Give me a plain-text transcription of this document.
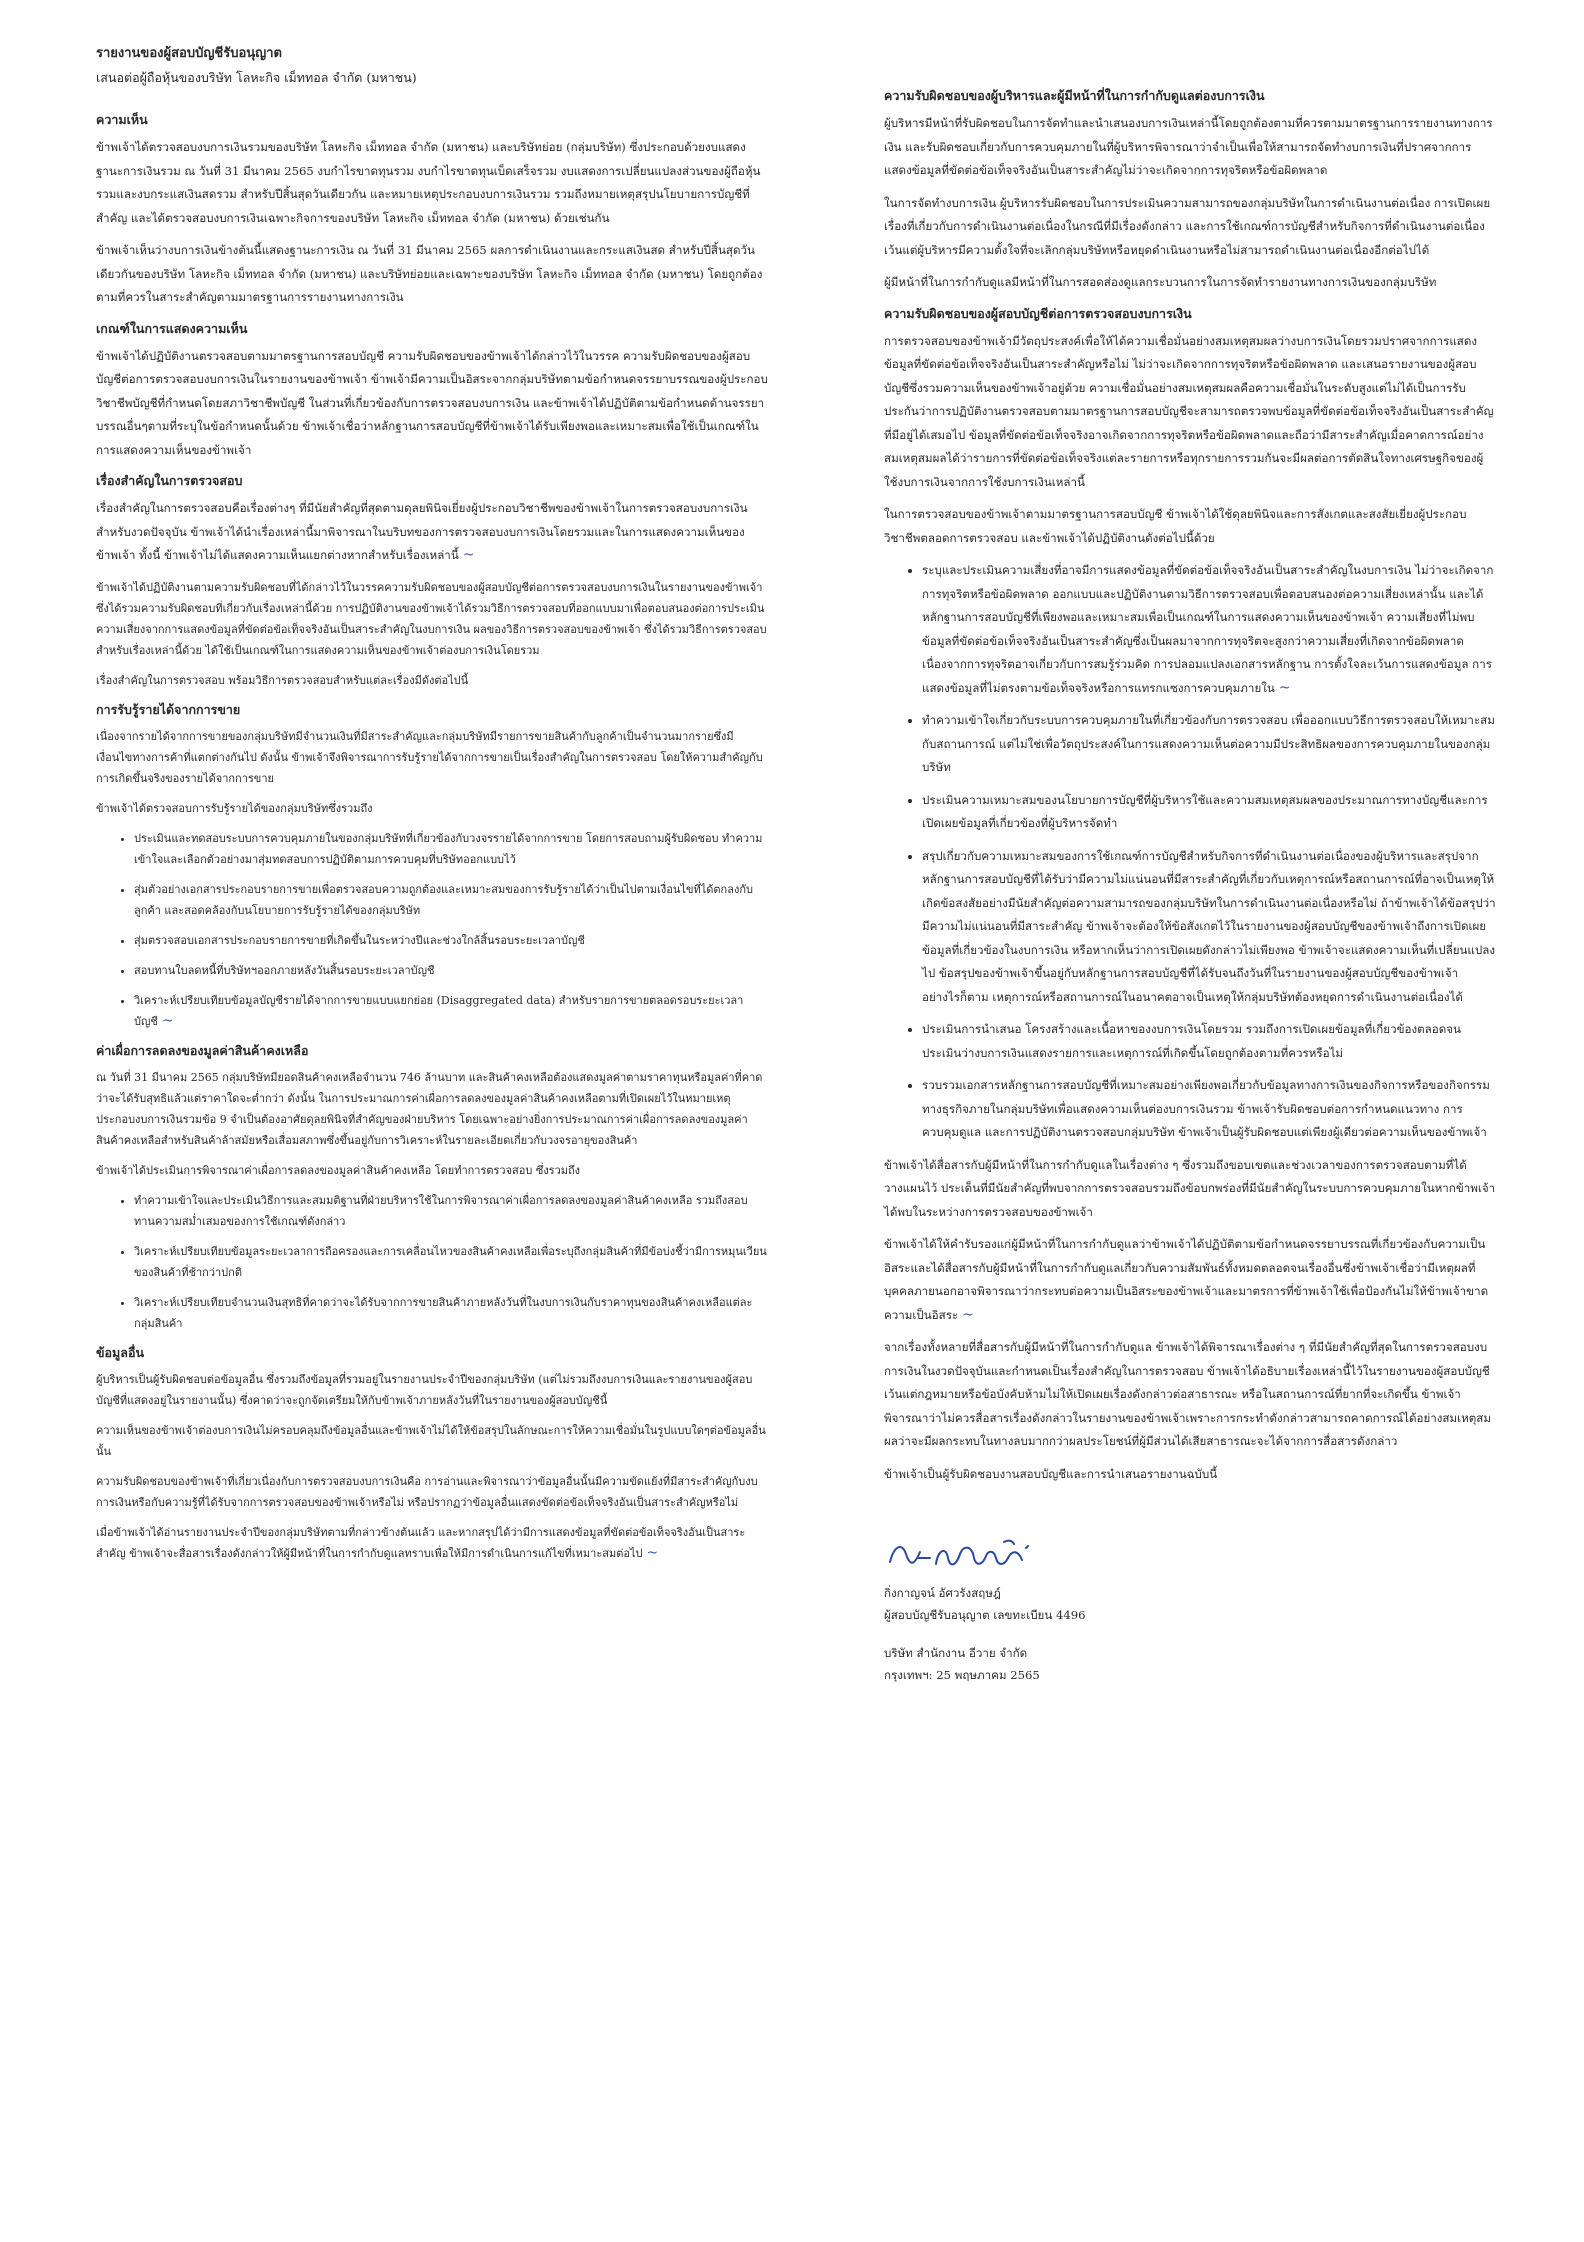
รายงานของผู้สอบบัญชีรับอนุญาต
เสนอต่อผู้ถือหุ้นของบริษัท โลหะกิจ เม็ททอล จำกัด (มหาชน)
ความเห็น

ข้าพเจ้าได้ตรวจสอบงบการเงินรวมของบริษัท โลหะกิจ เม็ททอล จำกัด (มหาชน) และบริษัทย่อย (กลุ่มบริษัท) ซึ่งประกอบด้วยงบแสดงฐานะการเงินรวม ณ วันที่ 31 มีนาคม 2565 งบกำไรขาดทุนรวม งบกำไรขาดทุนเบ็ดเสร็จรวม งบแสดงการเปลี่ยนแปลงส่วนของผู้ถือหุ้นรวมและงบกระแสเงินสดรวม สำหรับปีสิ้นสุดวันเดียวกัน และหมายเหตุประกอบงบการเงินรวม รวมถึงหมายเหตุสรุปนโยบายการบัญชีที่สำคัญ และได้ตรวจสอบงบการเงินเฉพาะกิจการของบริษัท โลหะกิจ เม็ททอล จำกัด (มหาชน) ด้วยเช่นกัน

ข้าพเจ้าเห็นว่างบการเงินข้างต้นนี้แสดงฐานะการเงิน ณ วันที่ 31 มีนาคม 2565 ผลการดำเนินงานและกระแสเงินสด สำหรับปีสิ้นสุดวันเดียวกันของบริษัท โลหะกิจ เม็ททอล จำกัด (มหาชน) และบริษัทย่อยและเฉพาะของบริษัท โลหะกิจ เม็ททอล จำกัด (มหาชน) โดยถูกต้องตามที่ควรในสาระสำคัญตามมาตรฐานการรายงานทางการเงิน

เกณฑ์ในการแสดงความเห็น

ข้าพเจ้าได้ปฏิบัติงานตรวจสอบตามมาตรฐานการสอบบัญชี ความรับผิดชอบของข้าพเจ้าได้กล่าวไว้ในวรรค ความรับผิดชอบของผู้สอบบัญชีต่อการตรวจสอบงบการเงินในรายงานของข้าพเจ้า ข้าพเจ้ามีความเป็นอิสระจากกลุ่มบริษัทตามข้อกำหนดจรรยาบรรณของผู้ประกอบวิชาชีพบัญชีที่กำหนดโดยสภาวิชาชีพบัญชี ในส่วนที่เกี่ยวข้องกับการตรวจสอบงบการเงิน และข้าพเจ้าได้ปฏิบัติตามข้อกำหนดด้านจรรยาบรรณอื่นๆตามที่ระบุในข้อกำหนดนั้นด้วย ข้าพเจ้าเชื่อว่าหลักฐานการสอบบัญชีที่ข้าพเจ้าได้รับเพียงพอและเหมาะสมเพื่อใช้เป็นเกณฑ์ในการแสดงความเห็นของข้าพเจ้า

เรื่องสำคัญในการตรวจสอบ

เรื่องสำคัญในการตรวจสอบคือเรื่องต่างๆ ที่มีนัยสำคัญที่สุดตามดุลยพินิจเยี่ยงผู้ประกอบวิชาชีพของข้าพเจ้าในการตรวจสอบงบการเงินสำหรับงวดปัจจุบัน ข้าพเจ้าได้นำเรื่องเหล่านี้มาพิจารณาในบริบทของการตรวจสอบงบการเงินโดยรวมและในการแสดงความเห็นของข้าพเจ้า ทั้งนี้ ข้าพเจ้าไม่ได้แสดงความเห็นแยกต่างหากสำหรับเรื่องเหล่านี้ ~

ข้าพเจ้าได้ปฏิบัติงานตามความรับผิดชอบที่ได้กล่าวไว้ในวรรคความรับผิดชอบของผู้สอบบัญชีต่อการตรวจสอบงบการเงินในรายงานของข้าพเจ้า ซึ่งได้รวมความรับผิดชอบที่เกี่ยวกับเรื่องเหล่านี้ด้วย การปฏิบัติงานของข้าพเจ้าได้รวมวิธีการตรวจสอบที่ออกแบบมาเพื่อตอบสนองต่อการประเมินความเสี่ยงจากการแสดงข้อมูลที่ขัดต่อข้อเท็จจริงอันเป็นสาระสำคัญในงบการเงิน ผลของวิธีการตรวจสอบของข้าพเจ้า ซึ่งได้รวมวิธีการตรวจสอบสำหรับเรื่องเหล่านี้ด้วย ได้ใช้เป็นเกณฑ์ในการแสดงความเห็นของข้าพเจ้าต่องบการเงินโดยรวม

เรื่องสำคัญในการตรวจสอบ พร้อมวิธีการตรวจสอบสำหรับแต่ละเรื่องมีดังต่อไปนี้

การรับรู้รายได้จากการขาย

เนื่องจากรายได้จากการขายของกลุ่มบริษัทมีจำนวนเงินที่มีสาระสำคัญและกลุ่มบริษัทมีรายการขายสินค้ากับลูกค้าเป็นจำนวนมากรายซึ่งมีเงื่อนไขทางการค้าที่แตกต่างกันไป ดังนั้น ข้าพเจ้าจึงพิจารณาการรับรู้รายได้จากการขายเป็นเรื่องสำคัญในการตรวจสอบ โดยให้ความสำคัญกับการเกิดขึ้นจริงของรายได้จากการขาย

ข้าพเจ้าได้ตรวจสอบการรับรู้รายได้ของกลุ่มบริษัทซึ่งรวมถึง

• ประเมินและทดสอบระบบการควบคุมภายในของกลุ่มบริษัทที่เกี่ยวข้องกับวงจรรายได้จากการขาย โดยการสอบถามผู้รับผิดชอบ ทำความเข้าใจและเลือกตัวอย่างมาสุ่มทดสอบการปฏิบัติตามการควบคุมที่บริษัทออกแบบไว้
• สุ่มตัวอย่างเอกสารประกอบรายการขายเพื่อตรวจสอบความถูกต้องและเหมาะสมของการรับรู้รายได้ว่าเป็นไปตามเงื่อนไขที่ได้ตกลงกับลูกค้า และสอดคล้องกับนโยบายการรับรู้รายได้ของกลุ่มบริษัท
• สุ่มตรวจสอบเอกสารประกอบรายการขายที่เกิดขึ้นในระหว่างปีและช่วงใกล้สิ้นรอบระยะเวลาบัญชี
• สอบทานใบลดหนี้ที่บริษัทฯออกภายหลังวันสิ้นรอบระยะเวลาบัญชี
• วิเคราะห์เปรียบเทียบข้อมูลบัญชีรายได้จากการขายแบบแยกย่อย (Disaggregated data) สำหรับรายการขายตลอดรอบระยะเวลาบัญชี ~
ค่าเผื่อการลดลงของมูลค่าสินค้าคงเหลือ

ณ วันที่ 31 มีนาคม 2565 กลุ่มบริษัทมียอดสินค้าคงเหลือจำนวน 746 ล้านบาท และสินค้าคงเหลือต้องแสดงมูลค่าตามราคาทุนหรือมูลค่าที่คาดว่าจะได้รับสุทธิแล้วแต่ราคาใดจะต่ำกว่า ดังนั้น ในการประมาณการค่าเผื่อการลดลงของมูลค่าสินค้าคงเหลือตามที่เปิดเผยไว้ในหมายเหตุประกอบงบการเงินรวมข้อ 9 จำเป็นต้องอาศัยดุลยพินิจที่สำคัญของฝ่ายบริหาร โดยเฉพาะอย่างยิ่งการประมาณการค่าเผื่อการลดลงของมูลค่าสินค้าคงเหลือสำหรับสินค้าล้าสมัยหรือเสื่อมสภาพซึ่งขึ้นอยู่กับการวิเคราะห์ในรายละเอียดเกี่ยวกับวงจรอายุของสินค้า

ข้าพเจ้าได้ประเมินการพิจารณาค่าเผื่อการลดลงของมูลค่าสินค้าคงเหลือ โดยทำการตรวจสอบ ซึ่งรวมถึง

• ทำความเข้าใจและประเมินวิธีการและสมมติฐานที่ฝ่ายบริหารใช้ในการพิจารณาค่าเผื่อการลดลงของมูลค่าสินค้าคงเหลือ รวมถึงสอบทานความสม่ำเสมอของการใช้เกณฑ์ดังกล่าว
• วิเคราะห์เปรียบเทียบข้อมูลระยะเวลาการถือครองและการเคลื่อนไหวของสินค้าคงเหลือเพื่อระบุถึงกลุ่มสินค้าที่มีข้อบ่งชี้ว่ามีการหมุนเวียนของสินค้าที่ช้ากว่าปกติ
• วิเคราะห์เปรียบเทียบจำนวนเงินสุทธิที่คาดว่าจะได้รับจากการขายสินค้าภายหลังวันที่ในงบการเงินกับราคาทุนของสินค้าคงเหลือแต่ละกลุ่มสินค้า
ข้อมูลอื่น

ผู้บริหารเป็นผู้รับผิดชอบต่อข้อมูลอื่น ซึ่งรวมถึงข้อมูลที่รวมอยู่ในรายงานประจำปีของกลุ่มบริษัท (แต่ไม่รวมถึงงบการเงินและรายงานของผู้สอบบัญชีที่แสดงอยู่ในรายงานนั้น) ซึ่งคาดว่าจะถูกจัดเตรียมให้กับข้าพเจ้าภายหลังวันที่ในรายงานของผู้สอบบัญชีนี้

ความเห็นของข้าพเจ้าต่องบการเงินไม่ครอบคลุมถึงข้อมูลอื่นและข้าพเจ้าไม่ได้ให้ข้อสรุปในลักษณะการให้ความเชื่อมั่นในรูปแบบใดๆต่อข้อมูลอื่นนั้น

ความรับผิดชอบของข้าพเจ้าที่เกี่ยวเนื่องกับการตรวจสอบงบการเงินคือ การอ่านและพิจารณาว่าข้อมูลอื่นนั้นมีความขัดแย้งที่มีสาระสำคัญกับงบการเงินหรือกับความรู้ที่ได้รับจากการตรวจสอบของข้าพเจ้าหรือไม่ หรือปรากฏว่าข้อมูลอื่นแสดงขัดต่อข้อเท็จจริงอันเป็นสาระสำคัญหรือไม่

เมื่อข้าพเจ้าได้อ่านรายงานประจำปีของกลุ่มบริษัทตามที่กล่าวข้างต้นแล้ว และหากสรุปได้ว่ามีการแสดงข้อมูลที่ขัดต่อข้อเท็จจริงอันเป็นสาระสำคัญ ข้าพเจ้าจะสื่อสารเรื่องดังกล่าวให้ผู้มีหน้าที่ในการกำกับดูแลทราบเพื่อให้มีการดำเนินการแก้ไขที่เหมาะสมต่อไป ~

ความรับผิดชอบของผู้บริหารและผู้มีหน้าที่ในการกำกับดูแลต่องบการเงิน

ผู้บริหารมีหน้าที่รับผิดชอบในการจัดทำและนำเสนองบการเงินเหล่านี้โดยถูกต้องตามที่ควรตามมาตรฐานการรายงานทางการเงิน และรับผิดชอบเกี่ยวกับการควบคุมภายในที่ผู้บริหารพิจารณาว่าจำเป็นเพื่อให้สามารถจัดทำงบการเงินที่ปราศจากการแสดงข้อมูลที่ขัดต่อข้อเท็จจริงอันเป็นสาระสำคัญไม่ว่าจะเกิดจากการทุจริตหรือข้อผิดพลาด

ในการจัดทำงบการเงิน ผู้บริหารรับผิดชอบในการประเมินความสามารถของกลุ่มบริษัทในการดำเนินงานต่อเนื่อง การเปิดเผยเรื่องที่เกี่ยวกับการดำเนินงานต่อเนื่องในกรณีที่มีเรื่องดังกล่าว และการใช้เกณฑ์การบัญชีสำหรับกิจการที่ดำเนินงานต่อเนื่องเว้นแต่ผู้บริหารมีความตั้งใจที่จะเลิกกลุ่มบริษัทหรือหยุดดำเนินงานหรือไม่สามารถดำเนินงานต่อเนื่องอีกต่อไปได้

ผู้มีหน้าที่ในการกำกับดูแลมีหน้าที่ในการสอดส่องดูแลกระบวนการในการจัดทำรายงานทางการเงินของกลุ่มบริษัท

ความรับผิดชอบของผู้สอบบัญชีต่อการตรวจสอบงบการเงิน

การตรวจสอบของข้าพเจ้ามีวัตถุประสงค์เพื่อให้ได้ความเชื่อมั่นอย่างสมเหตุสมผลว่างบการเงินโดยรวมปราศจากการแสดงข้อมูลที่ขัดต่อข้อเท็จจริงอันเป็นสาระสำคัญหรือไม่ ไม่ว่าจะเกิดจากการทุจริตหรือข้อผิดพลาด และเสนอรายงานของผู้สอบบัญชีซึ่งรวมความเห็นของข้าพเจ้าอยู่ด้วย ความเชื่อมั่นอย่างสมเหตุสมผลคือความเชื่อมั่นในระดับสูงแต่ไม่ได้เป็นการรับประกันว่าการปฏิบัติงานตรวจสอบตามมาตรฐานการสอบบัญชีจะสามารถตรวจพบข้อมูลที่ขัดต่อข้อเท็จจริงอันเป็นสาระสำคัญที่มีอยู่ได้เสมอไป ข้อมูลที่ขัดต่อข้อเท็จจริงอาจเกิดจากการทุจริตหรือข้อผิดพลาดและถือว่ามีสาระสำคัญเมื่อคาดการณ์อย่างสมเหตุสมผลได้ว่ารายการที่ขัดต่อข้อเท็จจริงแต่ละรายการหรือทุกรายการรวมกันจะมีผลต่อการตัดสินใจทางเศรษฐกิจของผู้ใช้งบการเงินจากการใช้งบการเงินเหล่านี้

ในการตรวจสอบของข้าพเจ้าตามมาตรฐานการสอบบัญชี ข้าพเจ้าได้ใช้ดุลยพินิจและการสังเกตและสงสัยเยี่ยงผู้ประกอบวิชาชีพตลอดการตรวจสอบ และข้าพเจ้าได้ปฏิบัติงานดังต่อไปนี้ด้วย

• ระบุและประเมินความเสี่ยงที่อาจมีการแสดงข้อมูลที่ขัดต่อข้อเท็จจริงอันเป็นสาระสำคัญในงบการเงิน ไม่ว่าจะเกิดจากการทุจริตหรือข้อผิดพลาด ออกแบบและปฏิบัติงานตามวิธีการตรวจสอบเพื่อตอบสนองต่อความเสี่ยงเหล่านั้น และได้หลักฐานการสอบบัญชีที่เพียงพอและเหมาะสมเพื่อเป็นเกณฑ์ในการแสดงความเห็นของข้าพเจ้า ความเสี่ยงที่ไม่พบข้อมูลที่ขัดต่อข้อเท็จจริงอันเป็นสาระสำคัญซึ่งเป็นผลมาจากการทุจริตจะสูงกว่าความเสี่ยงที่เกิดจากข้อผิดพลาด เนื่องจากการทุจริตอาจเกี่ยวกับการสมรู้ร่วมคิด การปลอมแปลงเอกสารหลักฐาน การตั้งใจละเว้นการแสดงข้อมูล การแสดงข้อมูลที่ไม่ตรงตามข้อเท็จจริงหรือการแทรกแซงการควบคุมภายใน ~
• ทำความเข้าใจเกี่ยวกับระบบการควบคุมภายในที่เกี่ยวข้องกับการตรวจสอบ เพื่อออกแบบวิธีการตรวจสอบให้เหมาะสมกับสถานการณ์ แต่ไม่ใช่เพื่อวัตถุประสงค์ในการแสดงความเห็นต่อความมีประสิทธิผลของการควบคุมภายในของกลุ่มบริษัท
• ประเมินความเหมาะสมของนโยบายการบัญชีที่ผู้บริหารใช้และความสมเหตุสมผลของประมาณการทางบัญชีและการเปิดเผยข้อมูลที่เกี่ยวข้องที่ผู้บริหารจัดทำ
• สรุปเกี่ยวกับความเหมาะสมของการใช้เกณฑ์การบัญชีสำหรับกิจการที่ดำเนินงานต่อเนื่องของผู้บริหารและสรุปจากหลักฐานการสอบบัญชีที่ได้รับว่ามีความไม่แน่นอนที่มีสาระสำคัญที่เกี่ยวกับเหตุการณ์หรือสถานการณ์ที่อาจเป็นเหตุให้เกิดข้อสงสัยอย่างมีนัยสำคัญต่อความสามารถของกลุ่มบริษัทในการดำเนินงานต่อเนื่องหรือไม่ ถ้าข้าพเจ้าได้ข้อสรุปว่ามีความไม่แน่นอนที่มีสาระสำคัญ ข้าพเจ้าจะต้องให้ข้อสังเกตไว้ในรายงานของผู้สอบบัญชีของข้าพเจ้าถึงการเปิดเผยข้อมูลที่เกี่ยวข้องในงบการเงิน หรือหากเห็นว่าการเปิดเผยดังกล่าวไม่เพียงพอ ข้าพเจ้าจะแสดงความเห็นที่เปลี่ยนแปลงไป ข้อสรุปของข้าพเจ้าขึ้นอยู่กับหลักฐานการสอบบัญชีที่ได้รับจนถึงวันที่ในรายงานของผู้สอบบัญชีของข้าพเจ้า อย่างไรก็ตาม เหตุการณ์หรือสถานการณ์ในอนาคตอาจเป็นเหตุให้กลุ่มบริษัทต้องหยุดการดำเนินงานต่อเนื่องได้
• ประเมินการนำเสนอ โครงสร้างและเนื้อหาของงบการเงินโดยรวม รวมถึงการเปิดเผยข้อมูลที่เกี่ยวข้องตลอดจนประเมินว่างบการเงินแสดงรายการและเหตุการณ์ที่เกิดขึ้นโดยถูกต้องตามที่ควรหรือไม่
• รวบรวมเอกสารหลักฐานการสอบบัญชีที่เหมาะสมอย่างเพียงพอเกี่ยวกับข้อมูลทางการเงินของกิจการหรือของกิจกรรมทางธุรกิจภายในกลุ่มบริษัทเพื่อแสดงความเห็นต่องบการเงินรวม ข้าพเจ้ารับผิดชอบต่อการกำหนดแนวทาง การควบคุมดูแล และการปฏิบัติงานตรวจสอบกลุ่มบริษัท ข้าพเจ้าเป็นผู้รับผิดชอบแต่เพียงผู้เดียวต่อความเห็นของข้าพเจ้า

ข้าพเจ้าได้สื่อสารกับผู้มีหน้าที่ในการกำกับดูแลในเรื่องต่าง ๆ ซึ่งรวมถึงขอบเขตและช่วงเวลาของการตรวจสอบตามที่ได้วางแผนไว้ ประเด็นที่มีนัยสำคัญที่พบจากการตรวจสอบรวมถึงข้อบกพร่องที่มีนัยสำคัญในระบบการควบคุมภายในหากข้าพเจ้าได้พบในระหว่างการตรวจสอบของข้าพเจ้า

ข้าพเจ้าได้ให้คำรับรองแก่ผู้มีหน้าที่ในการกำกับดูแลว่าข้าพเจ้าได้ปฏิบัติตามข้อกำหนดจรรยาบรรณที่เกี่ยวข้องกับความเป็นอิสระและได้สื่อสารกับผู้มีหน้าที่ในการกำกับดูแลเกี่ยวกับความสัมพันธ์ทั้งหมดตลอดจนเรื่องอื่นซึ่งข้าพเจ้าเชื่อว่ามีเหตุผลที่บุคคลภายนอกอาจพิจารณาว่ากระทบต่อความเป็นอิสระของข้าพเจ้าและมาตรการที่ข้าพเจ้าใช้เพื่อป้องกันไม่ให้ข้าพเจ้าขาดความเป็นอิสระ ~

จากเรื่องทั้งหลายที่สื่อสารกับผู้มีหน้าที่ในการกำกับดูแล ข้าพเจ้าได้พิจารณาเรื่องต่าง ๆ ที่มีนัยสำคัญที่สุดในการตรวจสอบงบการเงินในงวดปัจจุบันและกำหนดเป็นเรื่องสำคัญในการตรวจสอบ ข้าพเจ้าได้อธิบายเรื่องเหล่านี้ไว้ในรายงานของผู้สอบบัญชี เว้นแต่กฎหมายหรือข้อบังคับห้ามไม่ให้เปิดเผยเรื่องดังกล่าวต่อสาธารณะ หรือในสถานการณ์ที่ยากที่จะเกิดขึ้น ข้าพเจ้าพิจารณาว่าไม่ควรสื่อสารเรื่องดังกล่าวในรายงานของข้าพเจ้าเพราะการกระทำดังกล่าวสามารถคาดการณ์ได้อย่างสมเหตุสมผลว่าจะมีผลกระทบในทางลบมากกว่าผลประโยชน์ที่ผู้มีส่วนได้เสียสาธารณะจะได้จากการสื่อสารดังกล่าว

ข้าพเจ้าเป็นผู้รับผิดชอบงานสอบบัญชีและการนำเสนอรายงานฉบับนี้

กิ่งกาญจน์ อัศวรังสฤษฎ์

ผู้สอบบัญชีรับอนุญาต เลขทะเบียน 4496

บริษัท สำนักงาน อีวาย จำกัด

กรุงเทพฯ: 25 พฤษภาคม 2565
